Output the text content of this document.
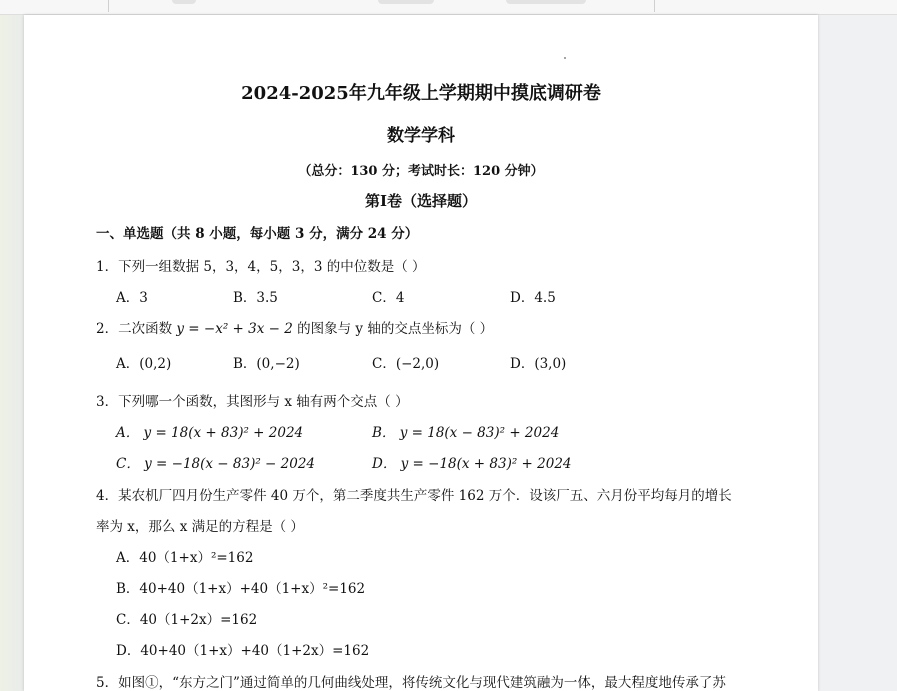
2024-2025年九年级上学期期中摸底调研卷
数学学科
（总分：130 分；考试时长：120 分钟）
第Ⅰ卷（选择题）
一、单选题（共 8 小题，每小题 3 分，满分 24 分）
1．下列一组数据 5，3，4，5，3，3 的中位数是（ ）
A．3	B．3.5	C．4	D．4.5
2．二次函数 y = −x² + 3x − 2 的图象与 y 轴的交点坐标为（ ）
A．(0,2)	B．(0,−2)	C．(−2,0)	D．(3,0)
3．下列哪一个函数，其图形与 x 轴有两个交点（ ）
A． y = 18(x + 83)² + 2024	B． y = 18(x − 83)² + 2024
C． y = −18(x − 83)² − 2024	D． y = −18(x + 83)² + 2024
4．某农机厂四月份生产零件 40 万个，第二季度共生产零件 162 万个．设该厂五、六月份平均每月的增长
率为 x，那么 x 满足的方程是（ ）
A．40（1+x）²=162
B．40+40（1+x）+40（1+x）²=162
C．40（1+2x）=162
D．40+40（1+x）+40（1+2x）=162
5．如图①，“东方之门”通过简单的几何曲线处理，将传统文化与现代建筑融为一体，最大程度地传承了苏
